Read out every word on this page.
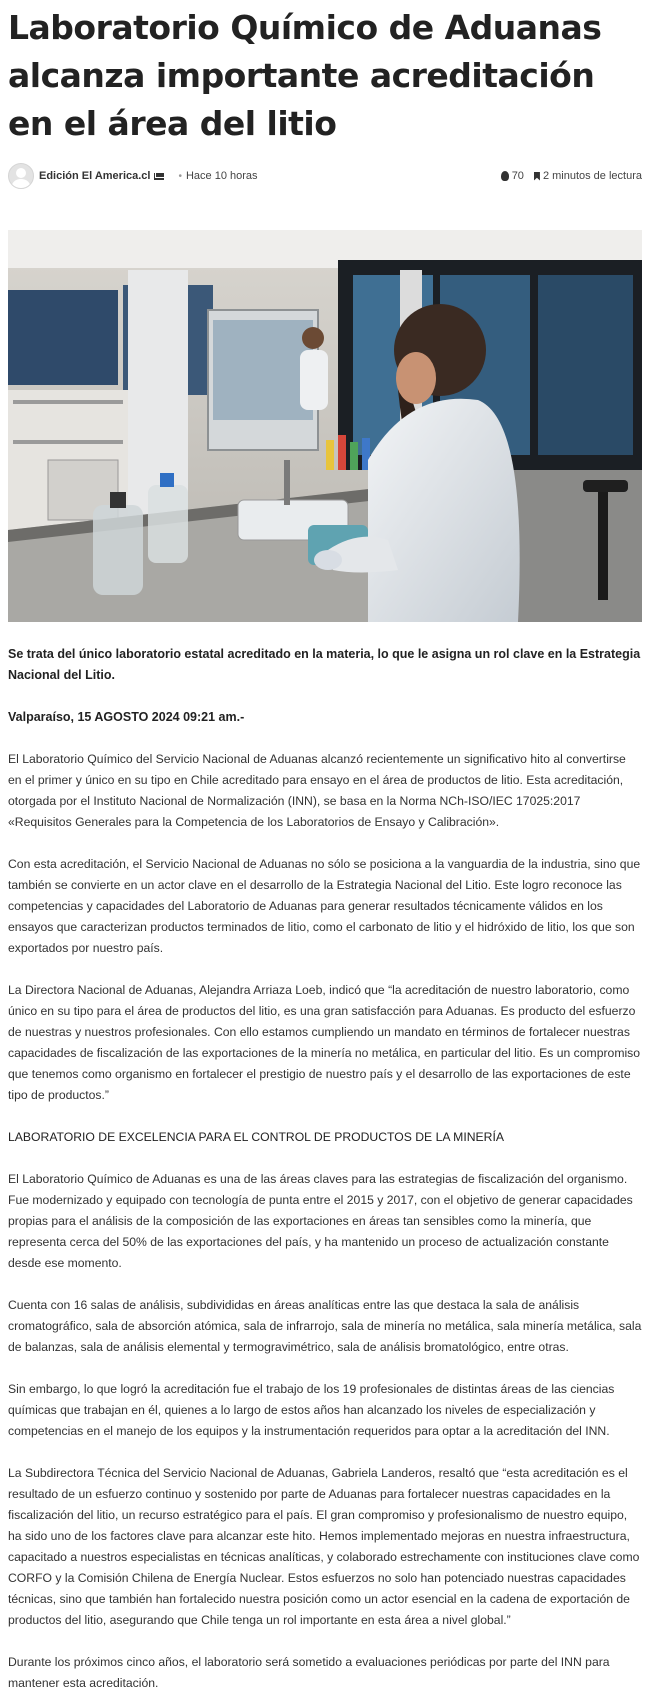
Laboratorio Químico de Aduanas alcanza importante acreditación en el área del litio
Edición El America.cl	• Hace 10 horas	70 2 minutos de lectura

Se trata del único laboratorio estatal acreditado en la materia, lo que le asigna un rol clave en la Estrategia Nacional del Litio.

Valparaíso, 15 AGOSTO 2024 09:21 am.-

El Laboratorio Químico del Servicio Nacional de Aduanas alcanzó recientemente un significativo hito al convertirse en el primer y único en su tipo en Chile acreditado para ensayo en el área de productos de litio. Esta acreditación, otorgada por el Instituto Nacional de Normalización (INN), se basa en la Norma NCh-ISO/IEC 17025:2017 «Requisitos Generales para la Competencia de los Laboratorios de Ensayo y Calibración».

Con esta acreditación, el Servicio Nacional de Aduanas no sólo se posiciona a la vanguardia de la industria, sino que también se convierte en un actor clave en el desarrollo de la Estrategia Nacional del Litio. Este logro reconoce las competencias y capacidades del Laboratorio de Aduanas para generar resultados técnicamente válidos en los ensayos que caracterizan productos terminados de litio, como el carbonato de litio y el hidróxido de litio, los que son exportados por nuestro país.

La Directora Nacional de Aduanas, Alejandra Arriaza Loeb, indicó que “la acreditación de nuestro laboratorio, como único en su tipo para el área de productos del litio, es una gran satisfacción para Aduanas. Es producto del esfuerzo de nuestras y nuestros profesionales. Con ello estamos cumpliendo un mandato en términos de fortalecer nuestras capacidades de fiscalización de las exportaciones de la minería no metálica, en particular del litio. Es un compromiso que tenemos como organismo en fortalecer el prestigio de nuestro país y el desarrollo de las exportaciones de este tipo de productos.”

LABORATORIO DE EXCELENCIA PARA EL CONTROL DE PRODUCTOS DE LA MINERÍA

El Laboratorio Químico de Aduanas es una de las áreas claves para las estrategias de fiscalización del organismo. Fue modernizado y equipado con tecnología de punta entre el 2015 y 2017, con el objetivo de generar capacidades propias para el análisis de la composición de las exportaciones en áreas tan sensibles como la minería, que representa cerca del 50% de las exportaciones del país, y ha mantenido un proceso de actualización constante desde ese momento.

Cuenta con 16 salas de análisis, subdivididas en áreas analíticas entre las que destaca la sala de análisis cromatográfico, sala de absorción atómica, sala de infrarrojo, sala de minería no metálica, sala minería metálica, sala de balanzas, sala de análisis elemental y termogravimétrico, sala de análisis bromatológico, entre otras.

Sin embargo, lo que logró la acreditación fue el trabajo de los 19 profesionales de distintas áreas de las ciencias químicas que trabajan en él, quienes a lo largo de estos años han alcanzado los niveles de especialización y competencias en el manejo de los equipos y la instrumentación requeridos para optar a la acreditación del INN.

La Subdirectora Técnica del Servicio Nacional de Aduanas, Gabriela Landeros, resaltó que “esta acreditación es el resultado de un esfuerzo continuo y sostenido por parte de Aduanas para fortalecer nuestras capacidades en la fiscalización del litio, un recurso estratégico para el país. El gran compromiso y profesionalismo de nuestro equipo, ha sido uno de los factores clave para alcanzar este hito. Hemos implementado mejoras en nuestra infraestructura, capacitado a nuestros especialistas en técnicas analíticas, y colaborado estrechamente con instituciones clave como CORFO y la Comisión Chilena de Energía Nuclear. Estos esfuerzos no solo han potenciado nuestras capacidades técnicas, sino que también han fortalecido nuestra posición como un actor esencial en la cadena de exportación de productos del litio, asegurando que Chile tenga un rol importante en esta área a nivel global.”

Durante los próximos cinco años, el laboratorio será sometido a evaluaciones periódicas por parte del INN para mantener esta acreditación.
